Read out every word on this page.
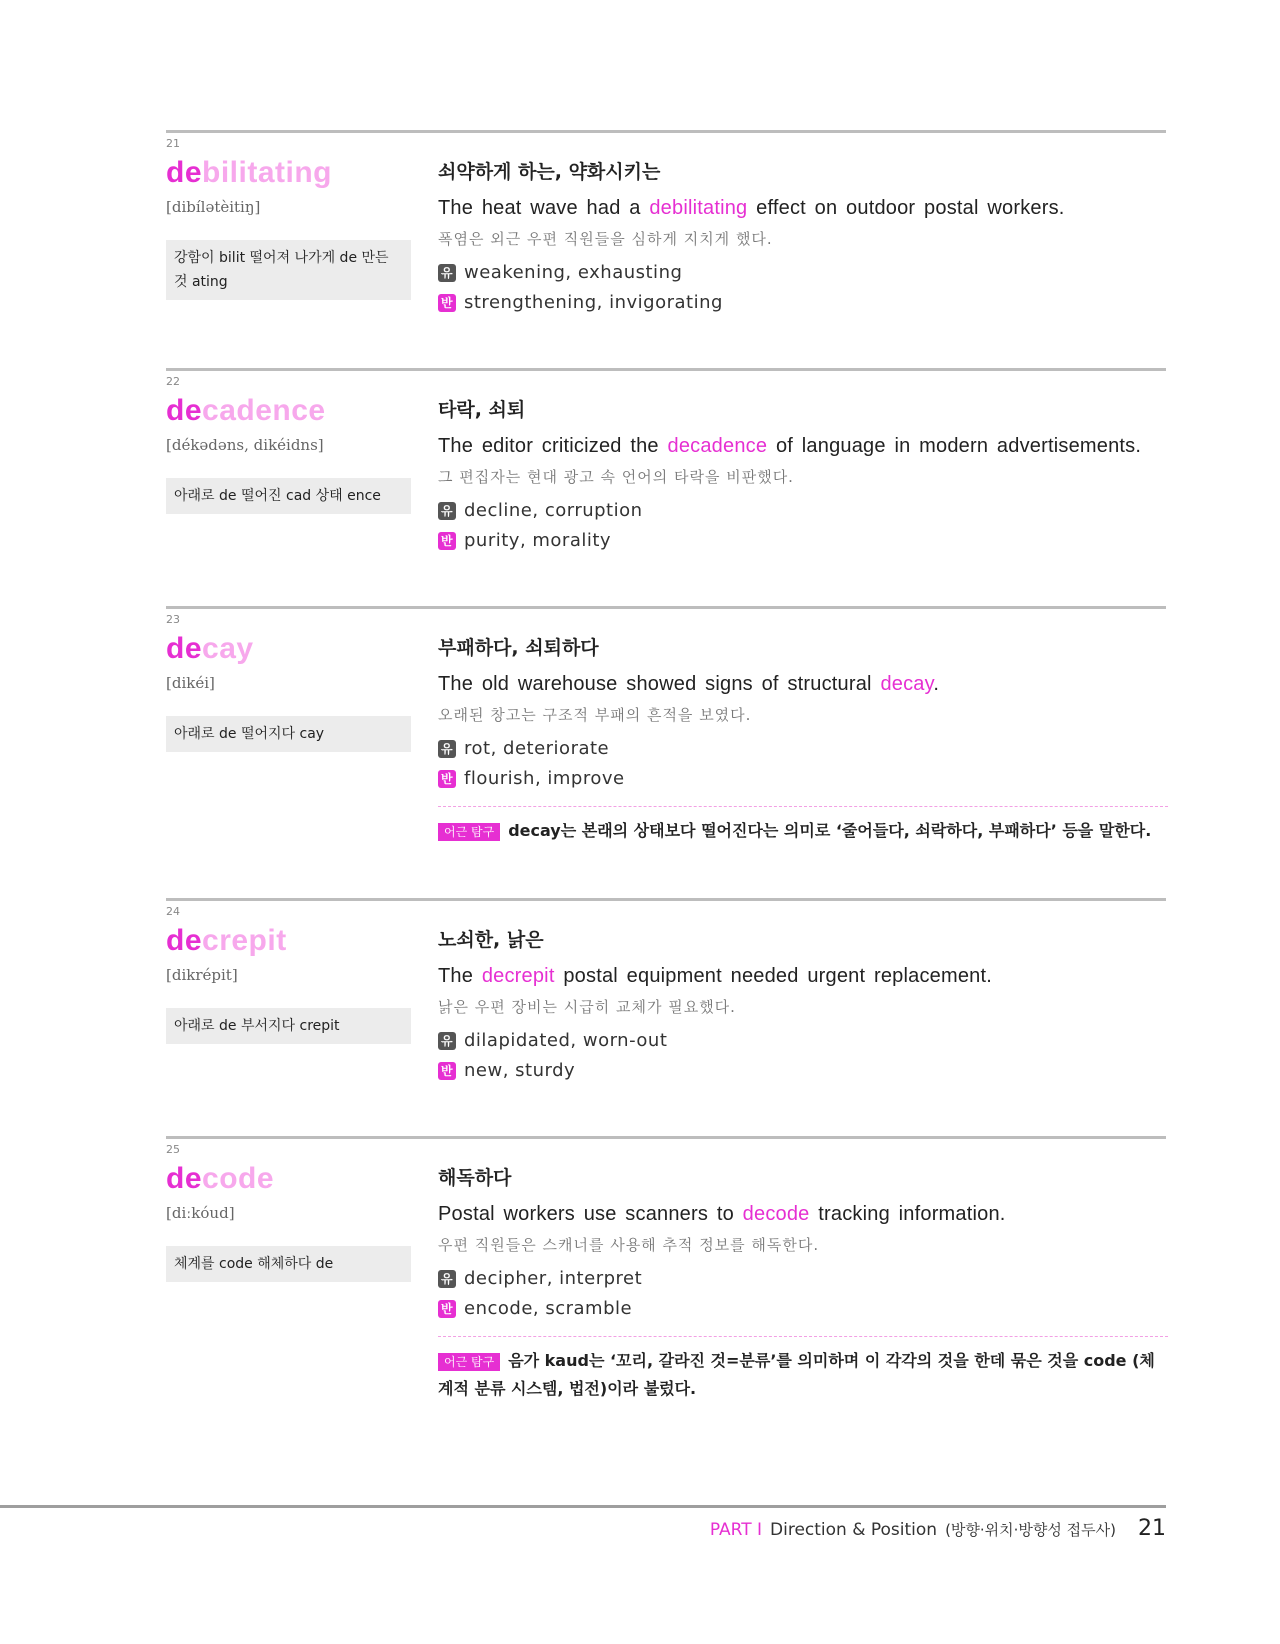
21
debilitating
[dibílətèitiŋ]
강함이 bilit 떨어져 나가게 de 만든 것 ating
쇠약하게 하는, 약화시키는
The heat wave had a debilitating effect on outdoor postal workers.
폭염은 외근 우편 직원들을 심하게 지치게 했다.
유 weakening, exhausting
반 strengthening, invigorating
22
decadence
[dékədəns, dikéidns]
아래로 de 떨어진 cad 상태 ence
타락, 쇠퇴
The editor criticized the decadence of language in modern advertisements.
그 편집자는 현대 광고 속 언어의 타락을 비판했다.
유 decline, corruption
반 purity, morality
23
decay
[dikéi]
아래로 de 떨어지다 cay
부패하다, 쇠퇴하다
The old warehouse showed signs of structural decay.
오래된 창고는 구조적 부패의 흔적을 보였다.
유 rot, deteriorate
반 flourish, improve
어근 탐구 decay는 본래의 상태보다 떨어진다는 의미로 ‘줄어들다, 쇠락하다, 부패하다’ 등을 말한다.
24
decrepit
[dikrépit]
아래로 de 부서지다 crepit
노쇠한, 낡은
The decrepit postal equipment needed urgent replacement.
낡은 우편 장비는 시급히 교체가 필요했다.
유 dilapidated, worn-out
반 new, sturdy
25
decode
[diːkóud]
체계를 code 해체하다 de
해독하다
Postal workers use scanners to decode tracking information.
우편 직원들은 스캐너를 사용해 추적 정보를 해독한다.
유 decipher, interpret
반 encode, scramble
어근 탐구 음가 kaud는 ‘꼬리, 갈라진 것=분류’를 의미하며 이 각각의 것을 한데 묶은 것을 code (체계적 분류 시스템, 법전)이라 불렀다.
PART Ⅰ Direction & Position (방향·위치·방향성 접두사) 21
